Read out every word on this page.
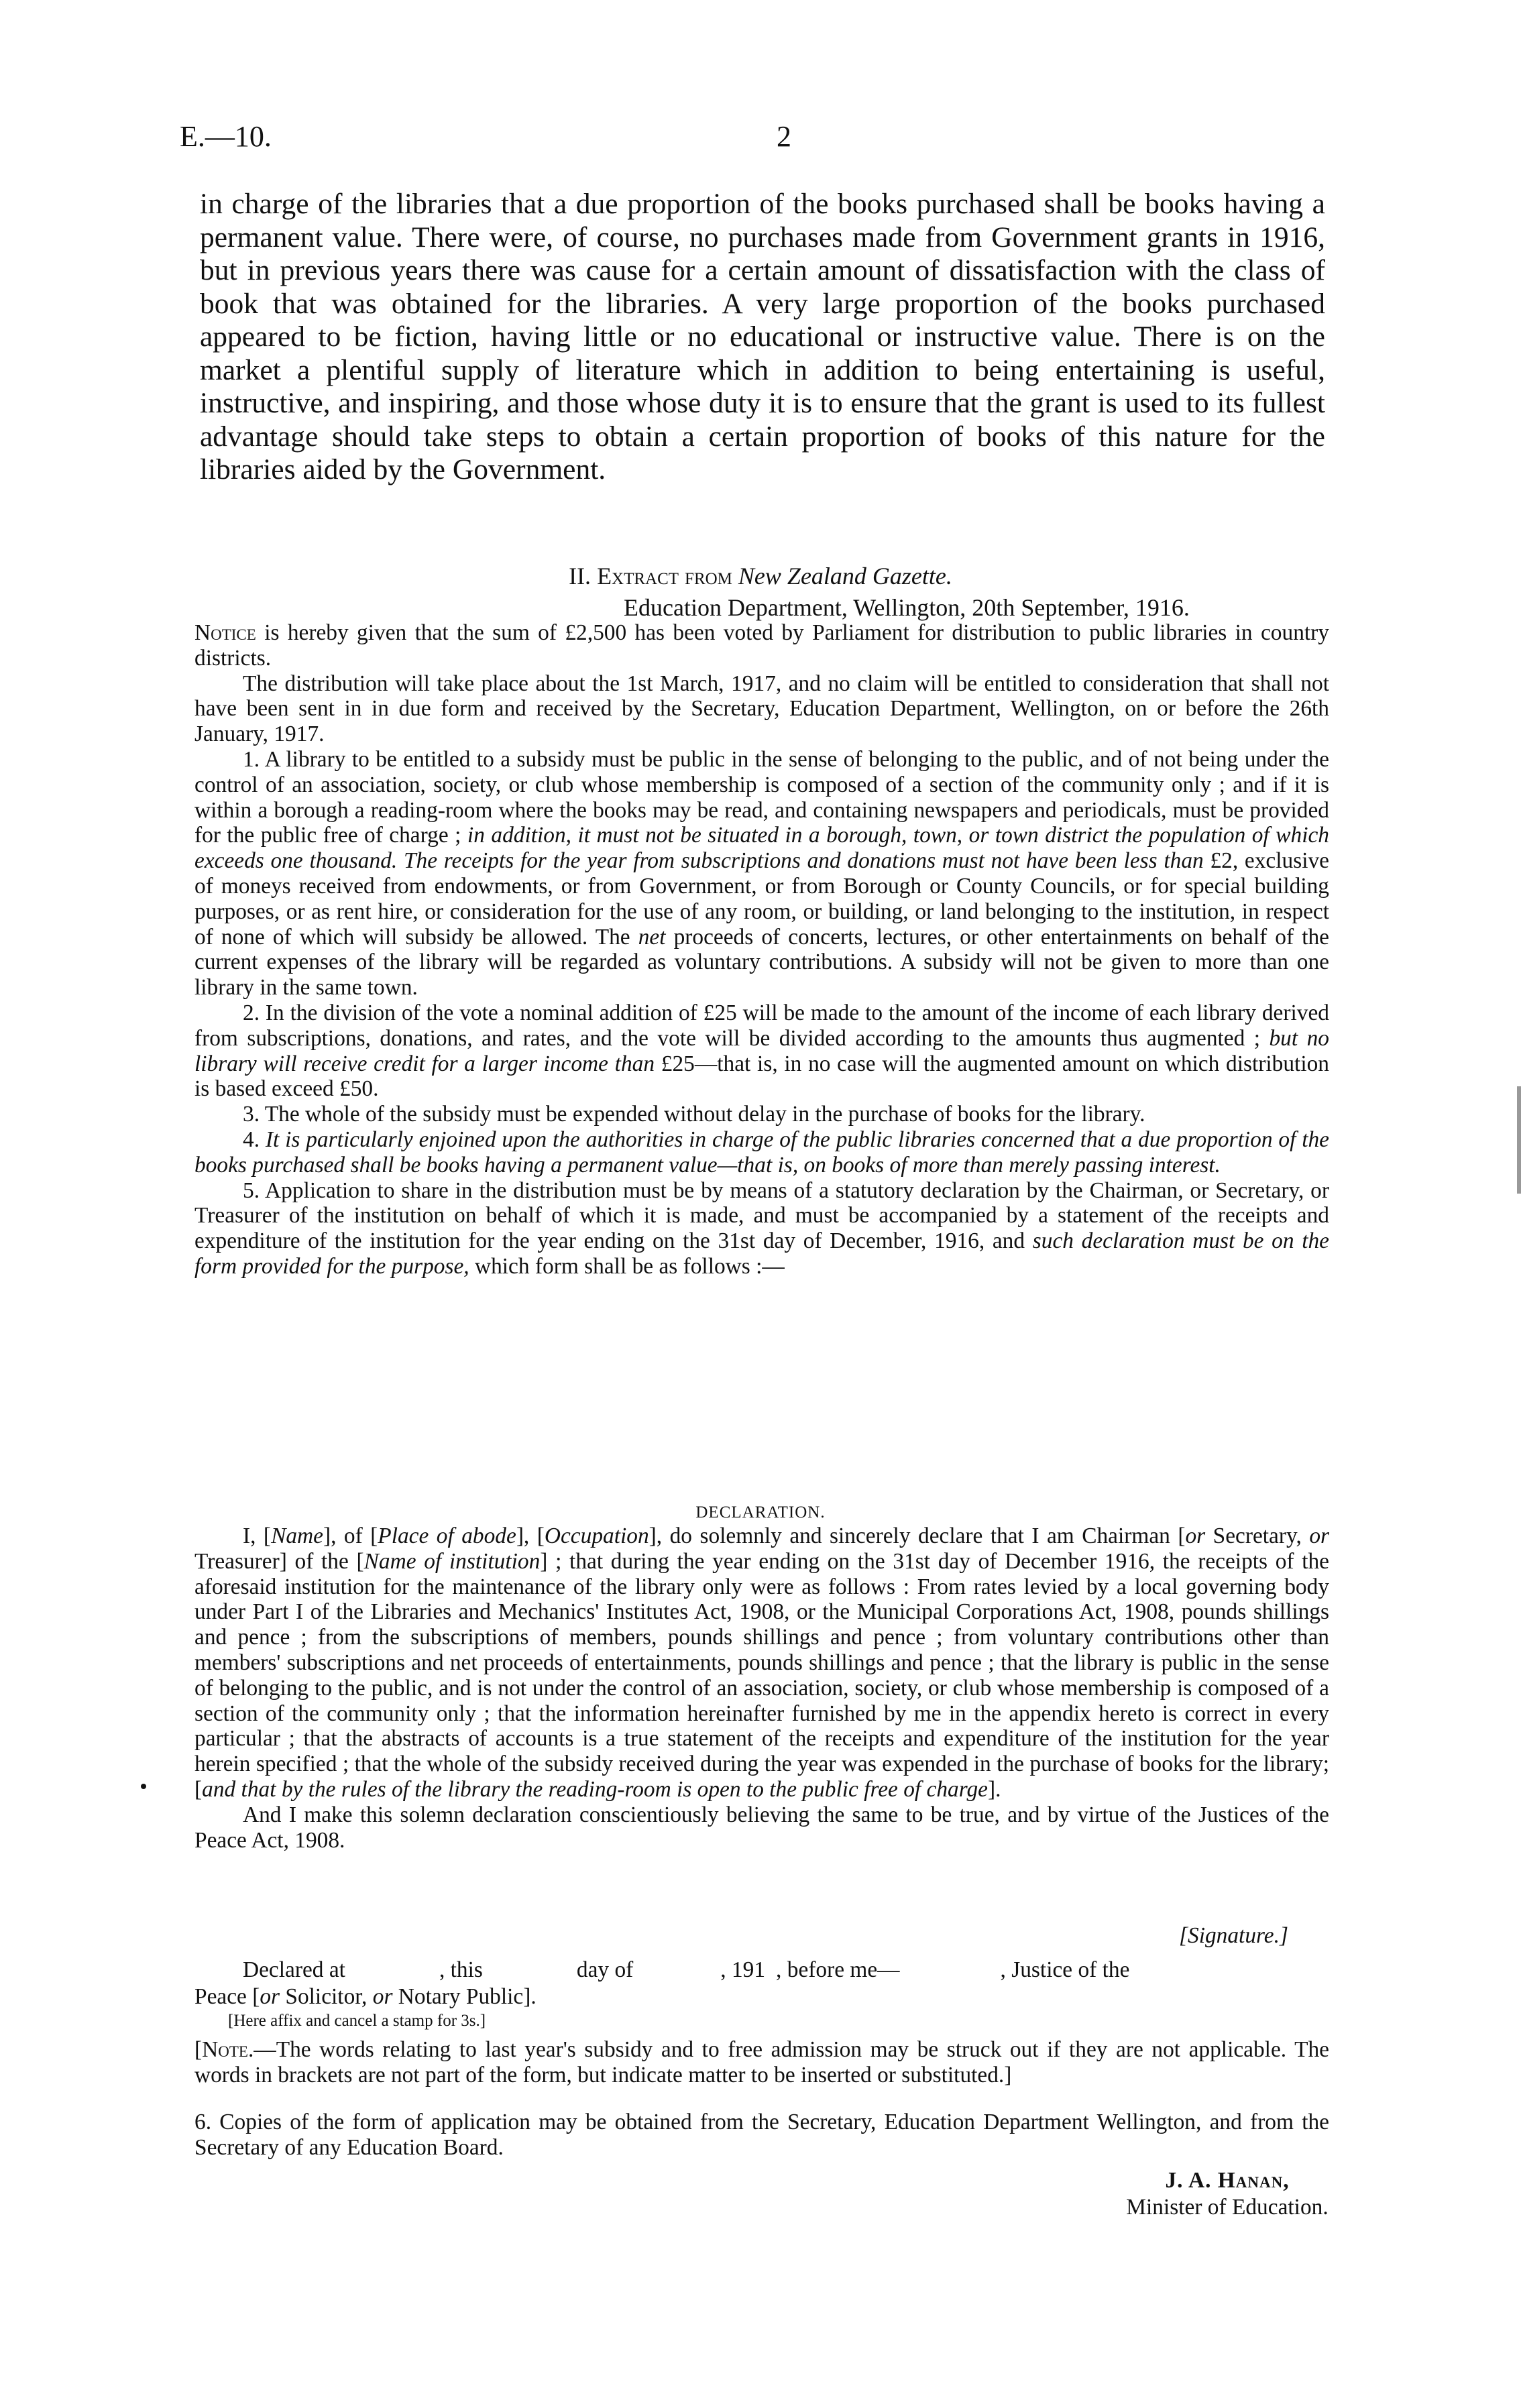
E.—10.	2
in charge of the libraries that a due proportion of the books purchased shall be books having a permanent value. There were, of course, no purchases made from Government grants in 1916, but in previous years there was cause for a certain amount of dissatisfaction with the class of book that was obtained for the libraries. A very large proportion of the books purchased appeared to be fiction, having little or no educational or instructive value. There is on the market a plentiful supply of literature which in addition to being entertaining is useful, instructive, and inspiring, and those whose duty it is to ensure that the grant is used to its fullest advantage should take steps to obtain a certain proportion of books of this nature for the libraries aided by the Government.
II. Extract from New Zealand Gazette.
Education Department, Wellington, 20th September, 1916.

Notice is hereby given that the sum of £2,500 has been voted by Parliament for distribution to public libraries in country districts.

The distribution will take place about the 1st March, 1917, and no claim will be entitled to consideration that shall not have been sent in in due form and received by the Secretary, Education Department, Wellington, on or before the 26th January, 1917.

1. A library to be entitled to a subsidy must be public in the sense of belonging to the public, and of not being under the control of an association, society, or club whose membership is composed of a section of the community only ; and if it is within a borough a reading-room where the books may be read, and containing newspapers and periodicals, must be provided for the public free of charge ; in addition, it must not be situated in a borough, town, or town district the population of which exceeds one thousand. The receipts for the year from subscriptions and donations must not have been less than £2, exclusive of moneys received from endowments, or from Government, or from Borough or County Councils, or for special building purposes, or as rent hire, or consideration for the use of any room, or building, or land belonging to the institution, in respect of none of which will subsidy be allowed. The net proceeds of concerts, lectures, or other entertainments on behalf of the current expenses of the library will be regarded as voluntary contributions. A subsidy will not be given to more than one library in the same town.

2. In the division of the vote a nominal addition of £25 will be made to the amount of the income of each library derived from subscriptions, donations, and rates, and the vote will be divided according to the amounts thus augmented ; but no library will receive credit for a larger income than £25—that is, in no case will the augmented amount on which distribution is based exceed £50.

3. The whole of the subsidy must be expended without delay in the purchase of books for the library.

4. It is particularly enjoined upon the authorities in charge of the public libraries concerned that a due proportion of the books purchased shall be books having a permanent value—that is, on books of more than merely passing interest.

5. Application to share in the distribution must be by means of a statutory declaration by the Chairman, or Secretary, or Treasurer of the institution on behalf of which it is made, and must be accompanied by a statement of the receipts and expenditure of the institution for the year ending on the 31st day of December, 1916, and such declaration must be on the form provided for the purpose, which form shall be as follows :—

DECLARATION.

I, [Name], of [Place of abode], [Occupation], do solemnly and sincerely declare that I am Chairman [or Secretary, or Treasurer] of the [Name of institution] ; that during the year ending on the 31st day of December 1916, the receipts of the aforesaid institution for the maintenance of the library only were as follows : From rates levied by a local governing body under Part I of the Libraries and Mechanics' Institutes Act, 1908, or the Municipal Corporations Act, 1908, pounds shillings and pence ; from the subscriptions of members, pounds shillings and pence ; from voluntary contributions other than members' subscriptions and net proceeds of entertainments, pounds shillings and pence ; that the library is public in the sense of belonging to the public, and is not under the control of an association, society, or club whose membership is composed of a section of the community only ; that the information hereinafter furnished by me in the appendix hereto is correct in every particular ; that the abstracts of accounts is a true statement of the receipts and expenditure of the institution for the year herein specified ; that the whole of the subsidy received during the year was expended in the purchase of books for the library; [and that by the rules of the library the reading-room is open to the public free of charge].

And I make this solemn declaration conscientiously believing the same to be true, and by virtue of the Justices of the Peace Act, 1908.

[Signature.]
Declared at	, this	day of	, 191 , before me—	, Justice of the
Peace [or Solicitor, or Notary Public].
[Here affix and cancel a stamp for 3s.]

[Note.—The words relating to last year's subsidy and to free admission may be struck out if they are not applicable. The words in brackets are not part of the form, but indicate matter to be inserted or substituted.]

6. Copies of the form of application may be obtained from the Secretary, Education Department Wellington, and from the Secretary of any Education Board.

J. A. Hanan,
Minister of Education.
